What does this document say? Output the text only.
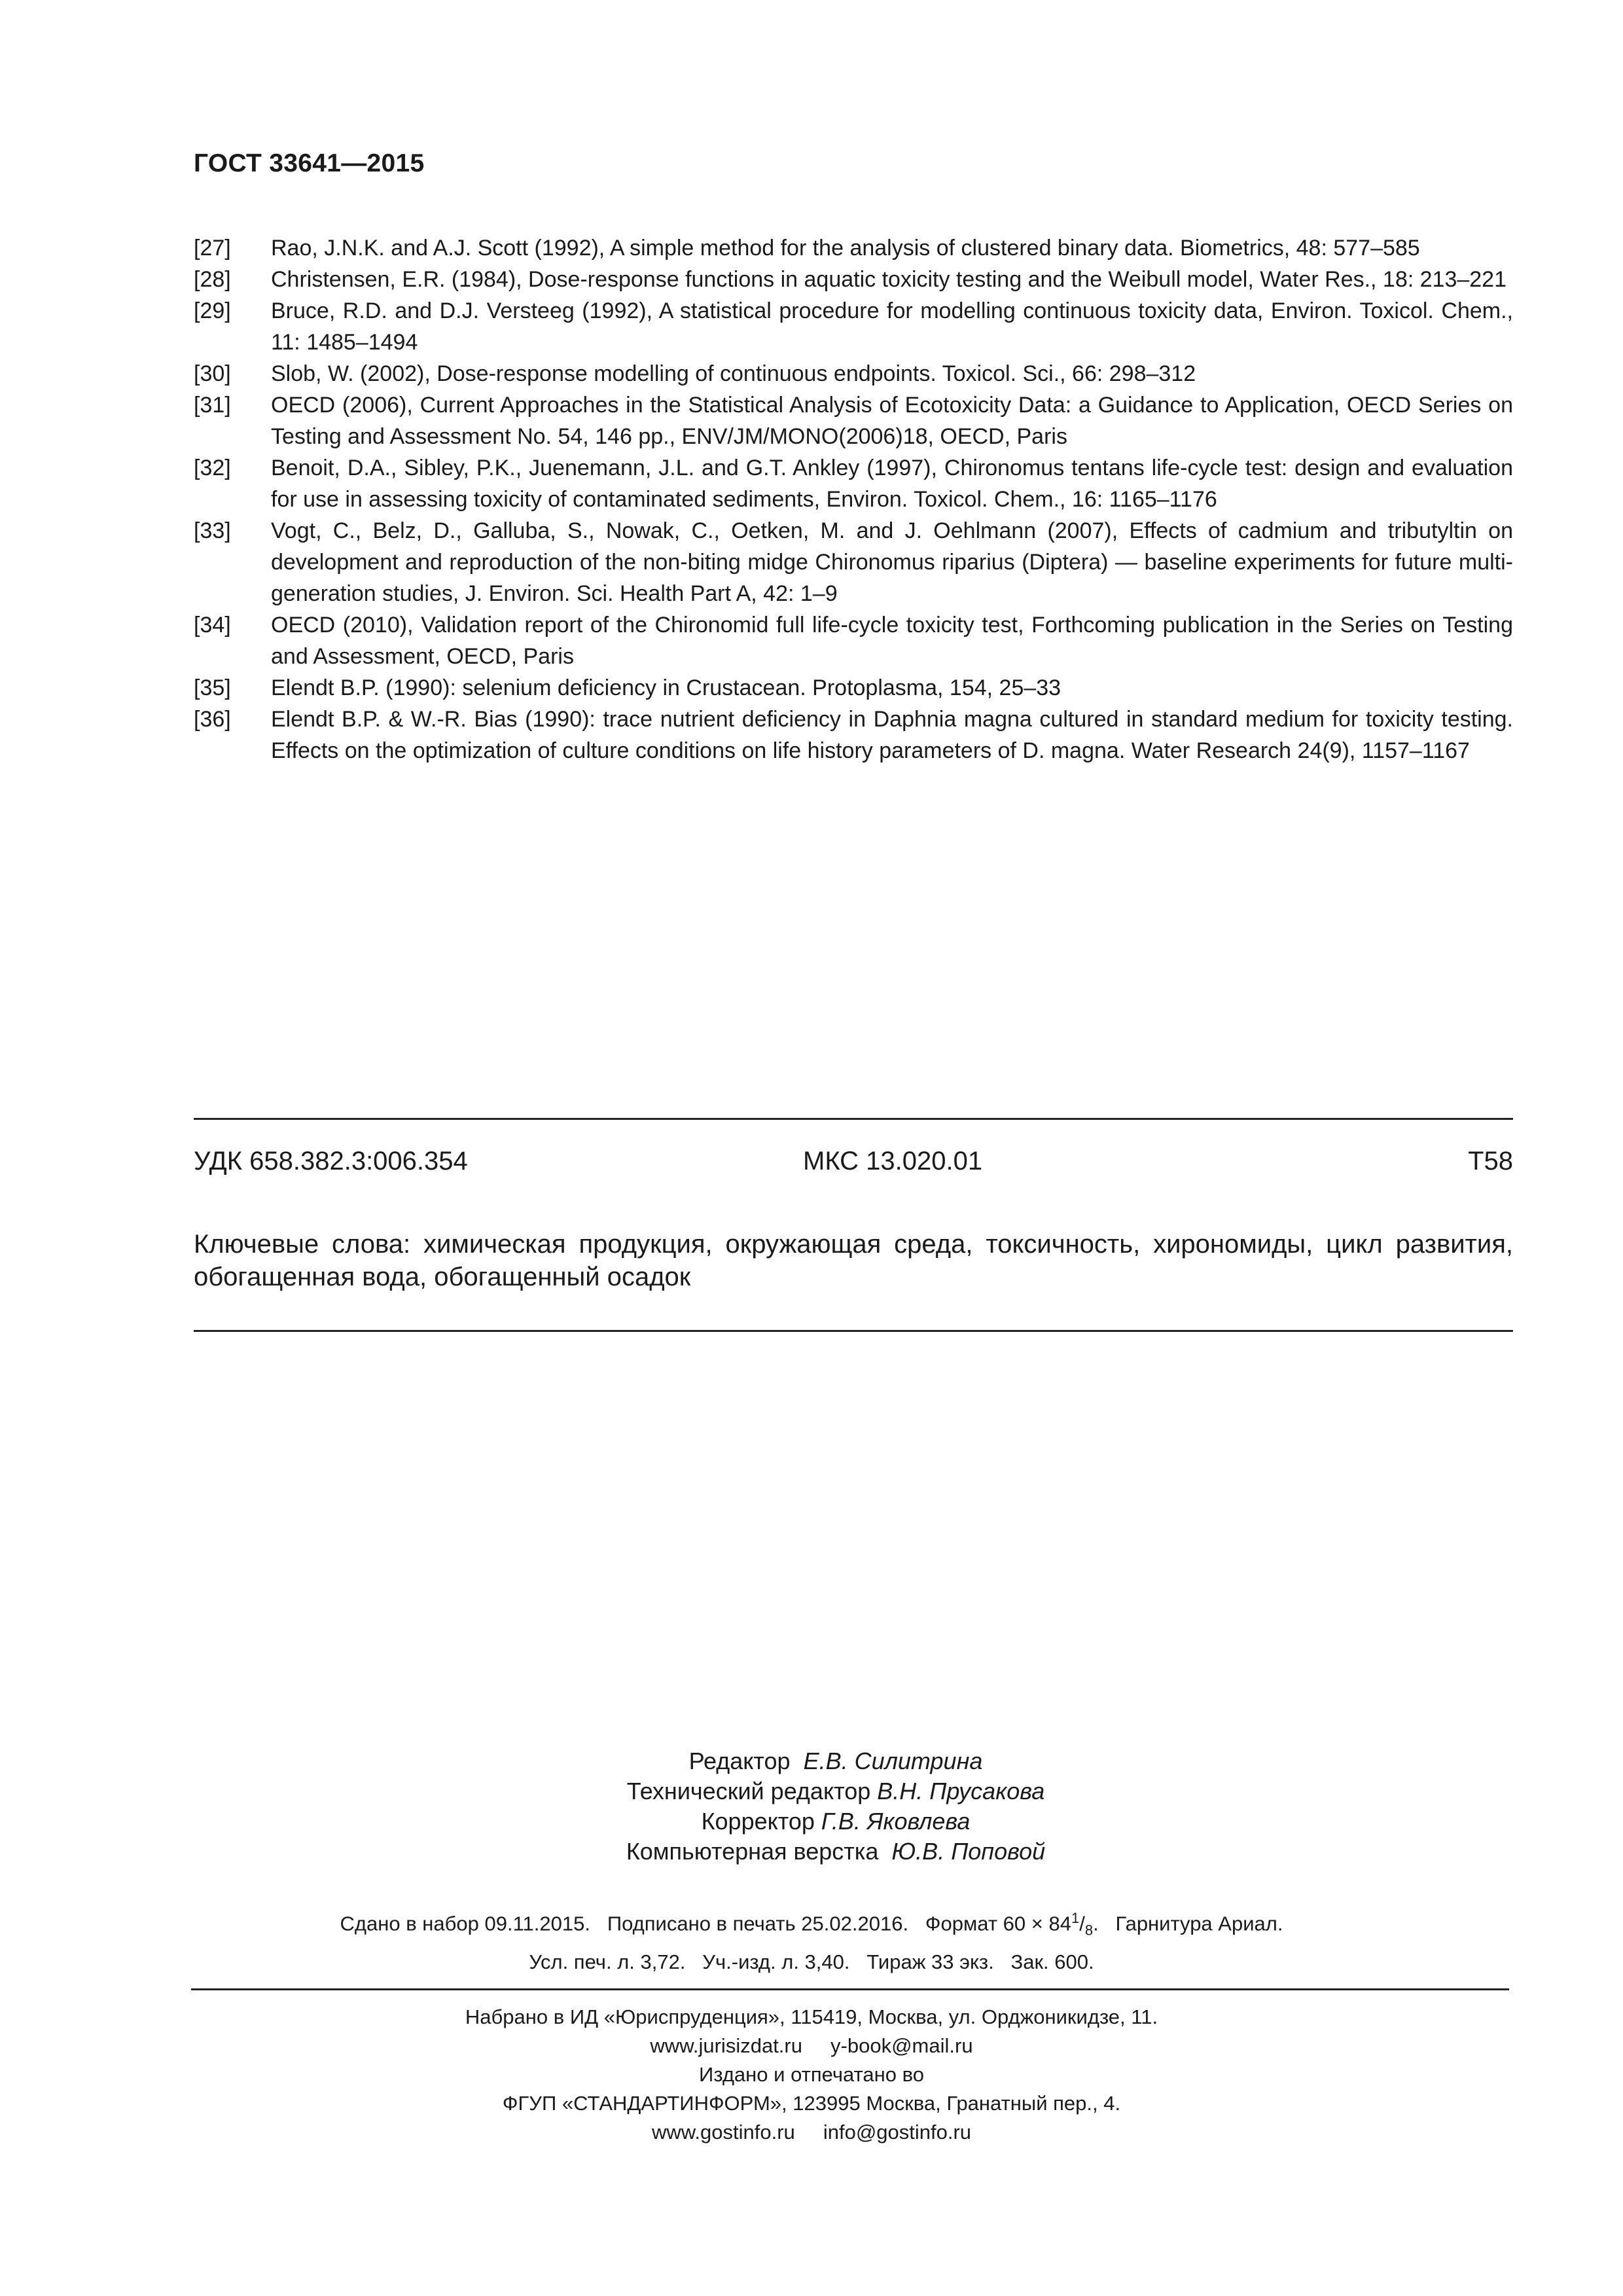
ГОСТ 33641—2015
[27]	Rao, J.N.K. and A.J. Scott (1992), A simple method for the analysis of clustered binary data. Biometrics, 48: 577–585
[28]	Christensen, E.R. (1984), Dose-response functions in aquatic toxicity testing and the Weibull model, Water Res., 18: 213–221
[29]	Bruce, R.D. and D.J. Versteeg (1992), A statistical procedure for modelling continuous toxicity data, Environ. Toxicol. Chem., 11: 1485–1494
[30]	Slob, W. (2002), Dose-response modelling of continuous endpoints. Toxicol. Sci., 66: 298–312
[31]	OECD (2006), Current Approaches in the Statistical Analysis of Ecotoxicity Data: a Guidance to Application, OECD Series on Testing and Assessment No. 54, 146 pp., ENV/JM/MONO(2006)18, OECD, Paris
[32]	Benoit, D.A., Sibley, P.K., Juenemann, J.L. and G.T. Ankley (1997), Chironomus tentans life-cycle test: design and evaluation for use in assessing toxicity of contaminated sediments, Environ. Toxicol. Chem., 16: 1165–1176
[33]	Vogt, C., Belz, D., Galluba, S., Nowak, C., Oetken, M. and J. Oehlmann (2007), Effects of cadmium and tributyltin on development and reproduction of the non-biting midge Chironomus riparius (Diptera) — baseline experiments for future multi-generation studies, J. Environ. Sci. Health Part A, 42: 1–9
[34]	OECD (2010), Validation report of the Chironomid full life-cycle toxicity test, Forthcoming publication in the Series on Testing and Assessment, OECD, Paris
[35]	Elendt B.P. (1990): selenium deficiency in Crustacean. Protoplasma, 154, 25–33
[36]	Elendt B.P. & W.-R. Bias (1990): trace nutrient deficiency in Daphnia magna cultured in standard medium for toxicity testing. Effects on the optimization of culture conditions on life history parameters of D. magna. Water Research 24(9), 1157–1167
УДК 658.382.3:006.354	МКС 13.020.01	Т58
Ключевые слова: химическая продукция, окружающая среда, токсичность, хирономиды, цикл развития, обогащенная вода, обогащенный осадок
Редактор Е.В. Силитрина
Технический редактор В.Н. Прусакова
Корректор Г.В. Яковлева
Компьютерная верстка Ю.В. Поповой
Сдано в набор 09.11.2015.   Подписано в печать 25.02.2016.   Формат $60 \times 84^1/_8$.   Гарнитура Ариал.
Усл. печ. л. 3,72.   Уч.-изд. л. 3,40.   Тираж 33 экз.   Зак. 600.
Набрано в ИД «Юриспруденция», 115419, Москва, ул. Орджоникидзе, 11.
www.jurisizdat.ru     y-book@mail.ru
Издано и отпечатано во
ФГУП «СТАНДАРТИНФОРМ», 123995 Москва, Гранатный пер., 4.
www.gostinfo.ru     info@gostinfo.ru
